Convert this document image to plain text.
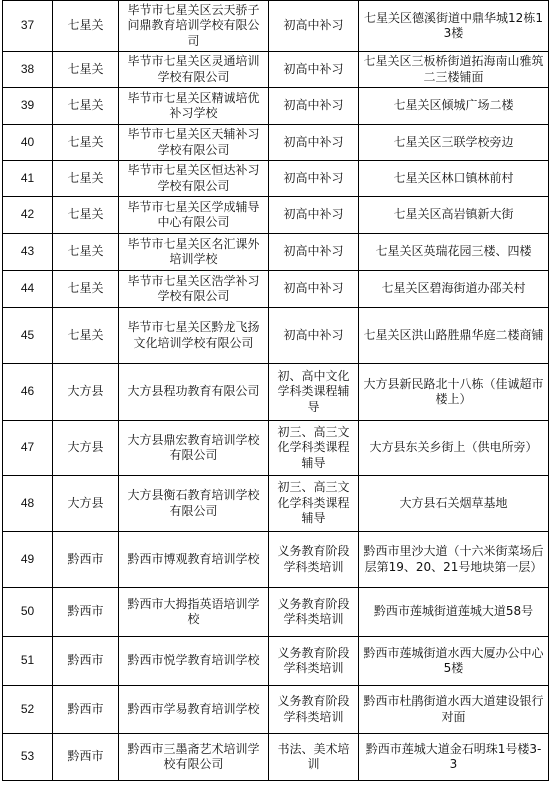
37	七星关	毕节市七星关区云天骄子问鼎教育培训学校有限公司	初高中补习	七星关区德溪街道中鼎华城12栋13楼
38	七星关	毕节市七星关区灵通培训学校有限公司	初高中补习	七星关区三板桥街道拓海南山雅筑二三楼铺面
39	七星关	毕节市七星关区精诚培优补习学校	初高中补习	七星关区倾城广场二楼
40	七星关	毕节市七星关区天辅补习学校有限公司	初高中补习	七星关区三联学校旁边
41	七星关	毕节市七星关区恒达补习学校有限公司	初高中补习	七星关区林口镇林前村
42	七星关	毕节市七星关区学成辅导中心有限公司	初高中补习	七星关区高岩镇新大街
43	七星关	毕节市七星关区名汇课外培训学校	初高中补习	七星关区英瑞花园三楼、四楼
44	七星关	毕节市七星关区浩学补习学校有限公司	初高中补习	七星关区碧海街道办邵关村
45	七星关	毕节市七星关区黔龙飞扬文化培训学校有限公司	初高中补习	七星关区洪山路胜鼎华庭二楼商铺
46	大方县	大方县程功教育有限公司	初、高中文化学科类课程辅导	大方县新民路北十八栋（佳诚超市楼上）
47	大方县	大方县鼎宏教育培训学校有限公司	初三、高三文化学科类课程辅导	大方县东关乡街上（供电所旁）
48	大方县	大方县衡石教育培训学校有限公司	初三、高三文化学科类课程辅导	大方县石关烟草基地
49	黔西市	黔西市博观教育培训学校	义务教育阶段学科类培训	黔西市里沙大道（十六米街菜场后层第19、20、21号地块第一层）
50	黔西市	黔西市大拇指英语培训学校	义务教育阶段学科类培训	黔西市莲城街道莲城大道58号
51	黔西市	黔西市悦学教育培训学校	义务教育阶段学科类培训	黔西市莲城街道水西大厦办公中心5楼
52	黔西市	黔西市学易教育培训学校	义务教育阶段学科类培训	黔西市杜鹃街道水西大道建设银行对面
53	黔西市	黔西市三墨斋艺术培训学校有限公司	书法、美术培训	黔西市莲城大道金石明珠1号楼3-3
